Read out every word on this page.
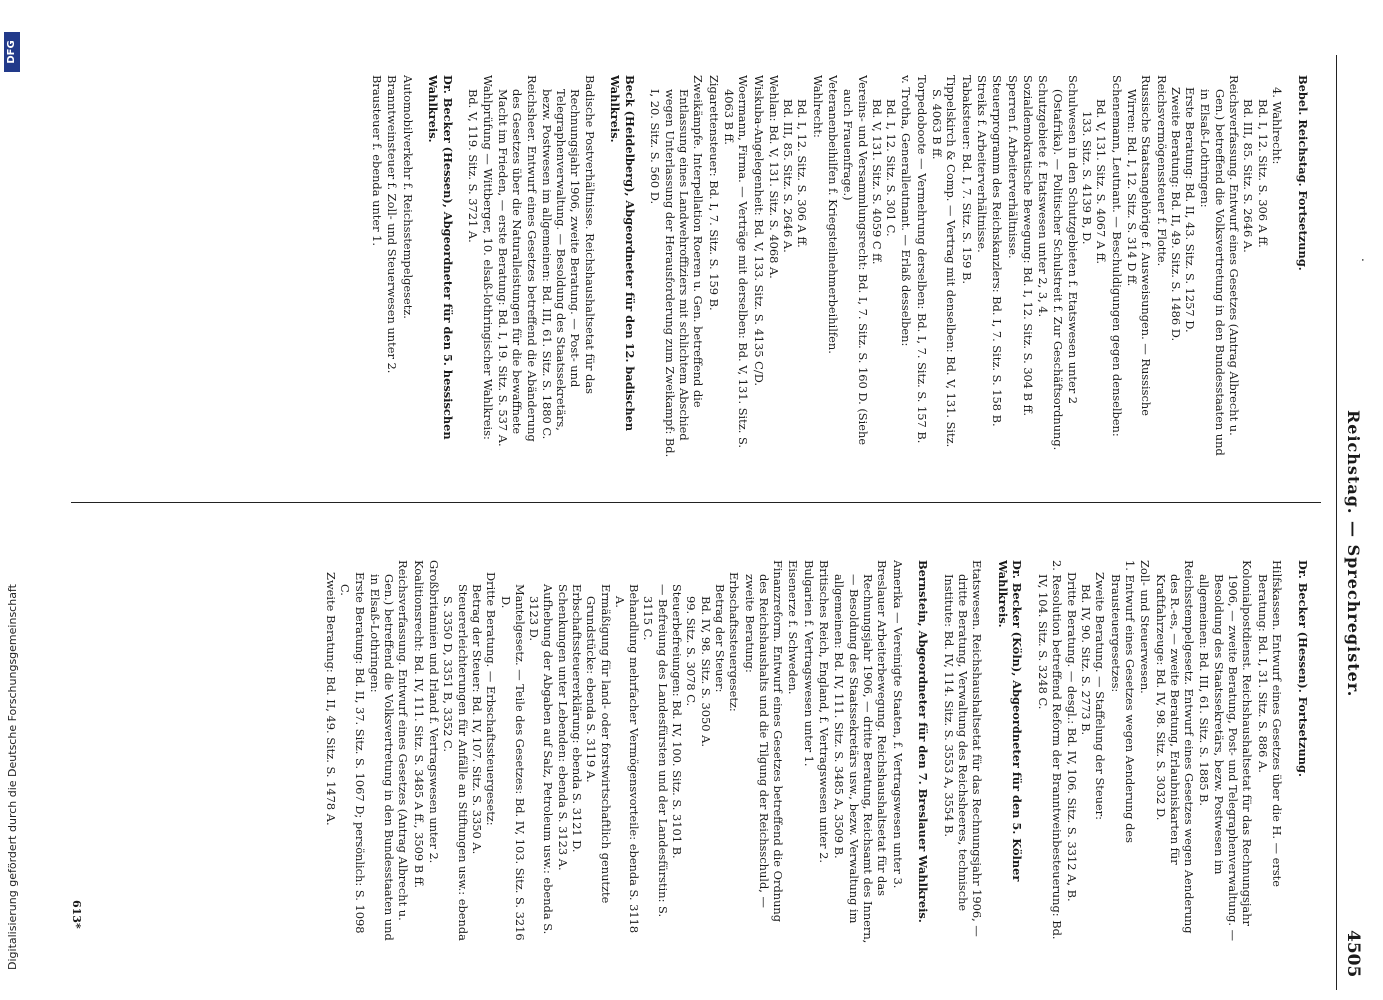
.
Reichstag. — Sprechregister.
4505

Bebel. Reichstag. Fortsetzung.

4. Wahlrecht:

Bd. I, 12. Sitz. S. 306 A ff.

Bd. III, 85. Sitz. S. 2646 A.

Reichsverfassung. Entwurf eines Gesetzes (Antrag Albrecht u. Gen.) betreffend die Volksvertretung in den Bundesstaaten und in Elsaß-Lothringen:

Erste Beratung: Bd. II, 43. Sitz. S. 1257 D.

Zweite Beratung: Bd. II, 49. Sitz. S. 1486 D.

Reichsvermögenssteuer f. Flotte.

Russische Staatsangehörige f. Ausweisungen. — Russische Wirren: Bd. I, 12. Sitz. S. 314 D ff.

Schenemann, Leutnant. — Beschuldigungen gegen denselben:

Bd. V, 131. Sitz. S. 4067 A ff.

133. Sitz. S. 4139 B, D.

Schulwesen in den Schutzgebieten f. Etatswesen unter 2 (Ostafrika). — Politischer Schulstreit f. Zur Geschäftsordnung.

Schutzgebiete f. Etatswesen unter 2, 3, 4.

Sozialdemokratische Bewegung: Bd. I, 12. Sitz. S. 304 B ff.

Sperren f. Arbeiterverhältnisse.

Steuerprogramm des Reichskanzlers: Bd. I, 7. Sitz. S. 158 B.

Streiks f. Arbeiterverhältnisse.

Tabaksteuer: Bd. I, 7. Sitz. S. 159 B.

Tippelskirch & Comp. — Vertrag mit denselben: Bd. V, 131. Sitz. S. 4063 B ff.

Torpedoboote — Vermehrung derselben: Bd. I, 7. Sitz. S. 157 B.

v. Trotha, Generalleutnant. — Erlaß desselben:

Bd. I, 12. Sitz. S. 301 C.

Bd. V, 131. Sitz. S. 4059 C ff.

Vereins- und Versammlungsrecht: Bd. I, 7. Sitz. S. 160 D. (Siehe auch Frauenfrage.)

Veteranenbeihilfen f. Kriegsteilnehmerbeihilfen.

Wahlrecht:

Bd. I, 12. Sitz. S. 306 A ff.

Bd. III, 85. Sitz. S. 2646 A.

Wehlan: Bd. V, 131. Sitz. S. 4068 A.

Wiskuba-Angelegenheit: Bd. V, 133. Sitz. S. 4135 C/D.

Woermann, Firma. — Verträge mit derselben: Bd. V, 131. Sitz. S. 4063 B ff.

Zigarettensteuer: Bd. I, 7. Sitz. S. 159 B.

Zweikämpfe. Interpellation Roeren u. Gen. betreffend die Entlassung eines Landwehroffiziers mit schlichtem Abschied wegen Unterlassung der Herausforderung zum Zweikampf: Bd. I, 20. Sitz. S. 560 D.

Beck (Heidelberg), Abgeordneter für den 12. badischen Wahlkreis.

Badische Postverhältnisse. Reichshaushaltsetat für das Rechnungsjahr 1906, zweite Beratung. — Post- und Telegraphenverwaltung. — Besoldung des Staatssekretärs, bezw. Postwesen im allgemeinen: Bd. III, 61. Sitz. S. 1880 C.

Reichsheer. Entwurf eines Gesetzes betreffend die Abänderung des Gesetzes über die Naturalleistungen für die bewaffnete Macht im Frieden, — erste Beratung: Bd. I, 19. Sitz. S. 537 A.

Wahlprüfung — Wittberger, 10. elsaß-lothringischer Wahlkreis: Bd. V, 119. Sitz. S. 3721 A.

Dr. Becker (Hessen), Abgeordneter für den 5. hessischen Wahlkreis.

Automobilverkehr f. Reichsstempelgesetz.

Branntweinsteuer f. Zoll- und Steuerwesen unter 2.

Brausteuer f. ebenda unter 1.

Dr. Becker (Hessen). Fortsetzung.

Hilfskassen. Entwurf eines Gesetzes über die H. — erste Beratung: Bd. I, 31. Sitz. S. 886 A.

Kolonialpostdienst. Reichshaushaltsetat für das Rechnungsjahr 1906, — zweite Beratung, Post- und Telegraphenverwaltung. — Besoldung des Staatssekretärs, bezw. Postwesen im allgemeinen: Bd. III, 61. Sitz. S. 1885 B.

Reichsstempelgesetz. Entwurf eines Gesetzes wegen Aenderung des R.-es, — zweite Beratung, Erlaubniskarten für Kraftfahrzeuge: Bd. IV, 98. Sitz. S. 3032 D.

Zoll- und Steuerwesen.

1. Entwurf eines Gesetzes wegen Aenderung des Brausteuergesetzes:

Zweite Beratung. — Staffelung der Steuer:

Bd. IV, 90. Sitz. S. 2773 B.

Dritte Beratung. — desgl.: Bd. IV, 106. Sitz. S. 3312 A, B.

2. Resolution betreffend Reform der Branntweinbesteuerung: Bd. IV, 104. Sitz. S. 3248 C.

Dr. Becker (Köln), Abgeordneter für den 5. Kölner Wahlkreis.

Etatswesen. Reichshaushaltsetat für das Rechnungsjahr 1906, — dritte Beratung, Verwaltung des Reichsheeres, technische Institute: Bd. IV, 114. Sitz. S. 3553 A, 3554 B.

Bernstein, Abgeordneter für den 7. Breslauer Wahlkreis.

Amerika — Vereinigte Staaten, f. Vertragswesen unter 3.

Breslauer Arbeiterbewegung. Reichshaushaltsetat für das Rechnungsjahr 1906, — dritte Beratung, Reichsamt des Innern, — Besoldung des Staatssekretärs usw., bezw. Verwaltung im allgemeinen: Bd. IV, 111. Sitz. S. 3485 A, 3509 B.

Britisches Reich, England, f. Vertragswesen unter 2.

Bulgarien f. Vertragswesen unter 1.

Eisenerze f. Schweden.

Finanzreform. Entwurf eines Gesetzes betreffend die Ordnung des Reichshaushalts und die Tilgung der Reichsschuld, — zweite Beratung:

Erbschaftssteuergesetz:

Betrag der Steuer:

Bd. IV, 98. Sitz. S. 3050 A.

99. Sitz. S. 3078 C.

Steuerbefreiungen: Bd. IV, 100. Sitz. S. 3101 B.

— Befreiung des Landesfürsten und der Landesfürstin: S. 3115 C.

Behandlung mehrfacher Vermögensvorteile: ebenda S. 3118 A.

Ermäßigung für land- oder forstwirtschaftlich genutzte Grundstücke: ebenda S. 3119 A.

Erbschaftssteuererklärung: ebenda S. 3121 D.

Schenkungen unter Lebenden: ebenda S. 3123 A.

Aufhebung der Abgaben auf Salz, Petroleum usw.: ebenda S. 3123 D.

Mantelgesetz. — Teile des Gesetzes: Bd. IV, 103. Sitz. S. 3216 D.

Dritte Beratung. — Erbschaftssteuergesetz:

Betrag der Steuer: Bd. IV, 107. Sitz. S. 3350 A.

Steuererleichterungen für Anfälle an Stiftungen usw.: ebenda S. 3350 D, 3351 B, 3352 C.

Großbritannien und Irland f. Vertragswesen unter 2.

Koalitionsrecht: Bd. IV, 111. Sitz. S. 3485 A ff., 3509 B ff.

Reichsverfassung. Entwurf eines Gesetzes (Antrag Albrecht u. Gen.) betreffend die Volksvertretung in den Bundesstaaten und in Elsaß-Lothringen:

Erste Beratung: Bd. II, 37. Sitz. S. 1067 D; persönlich: S. 1098 C.

Zweite Beratung: Bd. II, 49. Sitz. S. 1478 A.

613*
Digitalisierung gefördert durch die Deutsche Forschungsgemeinschaft
DFG
